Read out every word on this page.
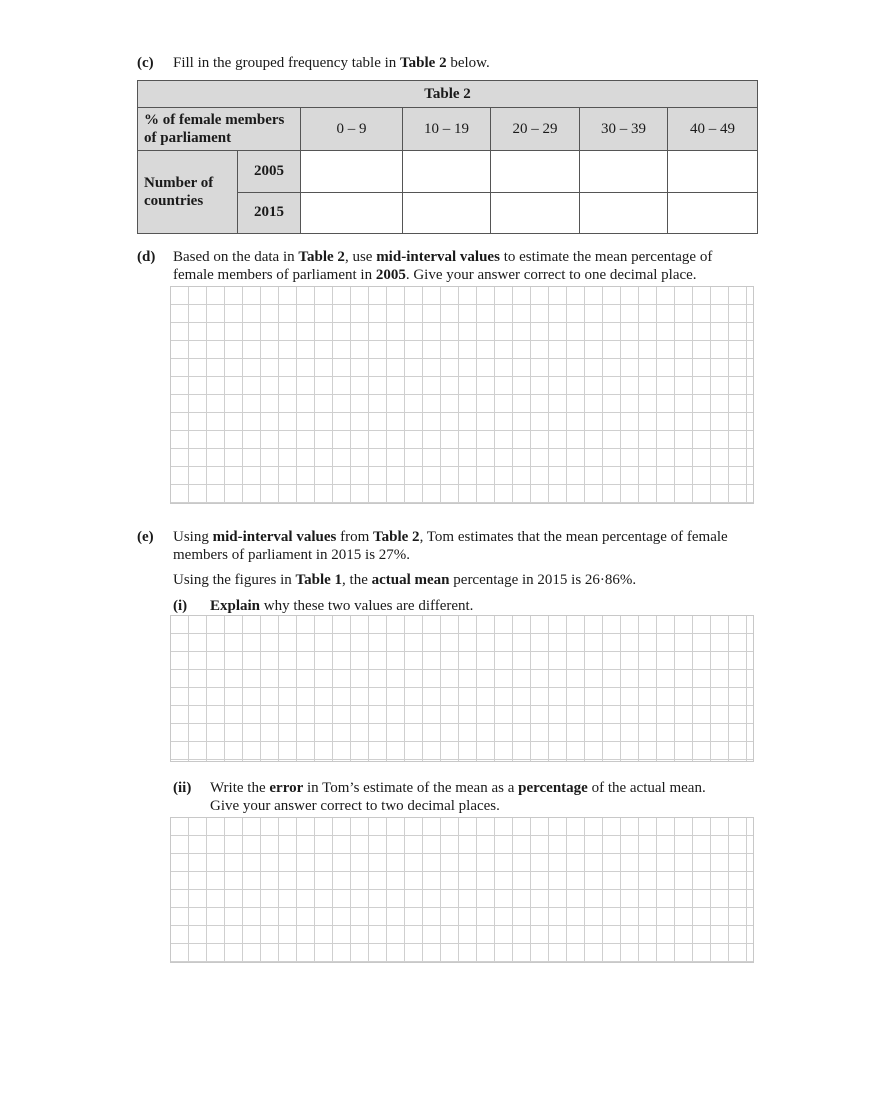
(c) Fill in the grouped frequency table in Table 2 below.
Table 2						

% of female members
of parliament		0 – 9	10 – 19	20 – 29	30 – 39	40 – 49

Number of
countries	2005					
	2015					
(d) Based on the data in Table 2, use mid-interval values to estimate the mean percentage of
female members of parliament in 2005. Give your answer correct to one decimal place.
(e) Using mid-interval values from Table 2, Tom estimates that the mean percentage of female
members of parliament in 2015 is 27%.
Using the figures in Table 1, the actual mean percentage in 2015 is 26·86%.
(i) Explain why these two values are different.
(ii) Write the error in Tom’s estimate of the mean as a percentage of the actual mean.
Give your answer correct to two decimal places.
